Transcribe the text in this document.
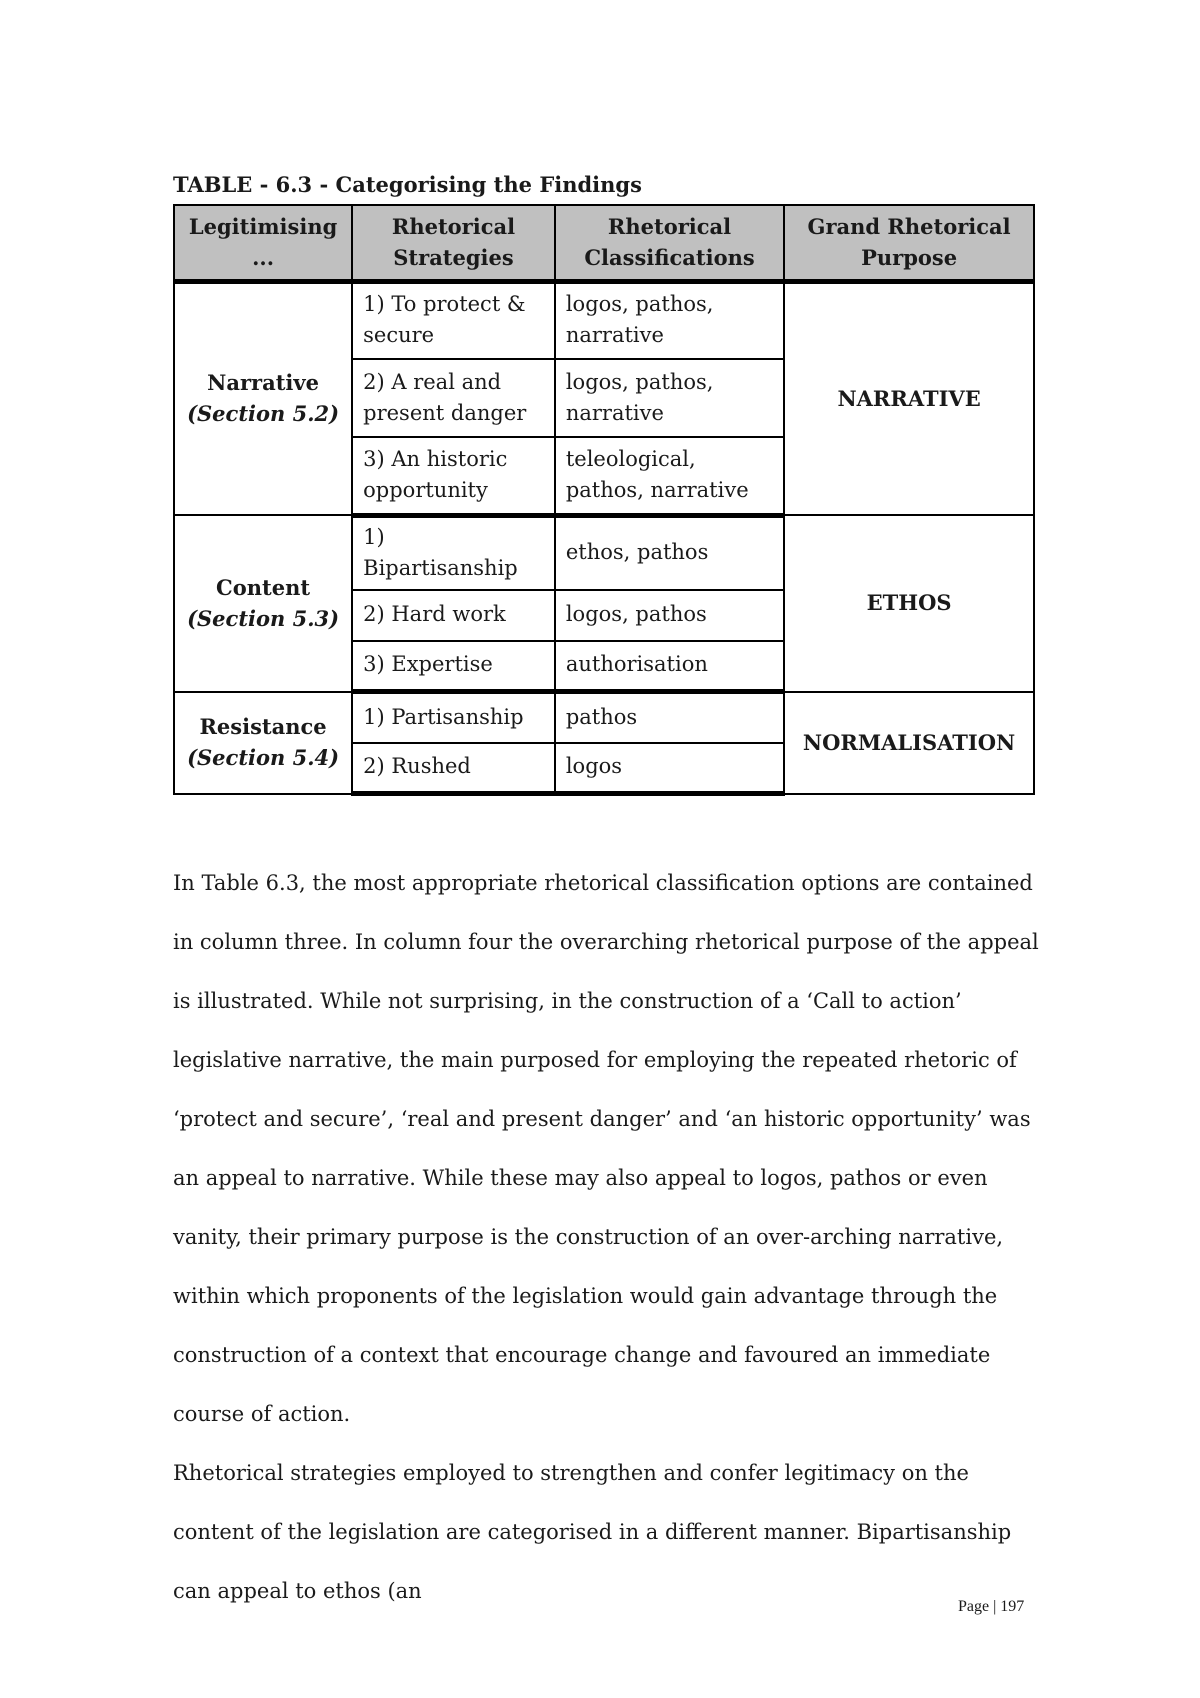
TABLE - 6.3 - Categorising the Findings
Legitimising ...	Rhetorical Strategies	Rhetorical Classifications	Grand Rhetorical Purpose
Narrative
(Section 5.2)	1) To protect & secure	logos, pathos, narrative	NARRATIVE
	2) A real and present danger	logos, pathos, narrative	
	3) An historic opportunity	teleological, pathos, narrative	
Content
(Section 5.3)	1) Bipartisanship	ethos, pathos	ETHOS
	2) Hard work	logos, pathos	
	3) Expertise	authorisation	
Resistance
(Section 5.4)	1) Partisanship	pathos	NORMALISATION
	2) Rushed	logos	

In Table 6.3, the most appropriate rhetorical classification options are contained in column three. In column four the overarching rhetorical purpose of the appeal is illustrated. While not surprising, in the construction of a ‘Call to action’ legislative narrative, the main purposed for employing the repeated rhetoric of ‘protect and secure’, ‘real and present danger’ and ‘an historic opportunity’ was an appeal to narrative. While these may also appeal to logos, pathos or even vanity, their primary purpose is the construction of an over-arching narrative, within which proponents of the legislation would gain advantage through the construction of a context that encourage change and favoured an immediate course of action.

Rhetorical strategies employed to strengthen and confer legitimacy on the content of the legislation are categorised in a different manner. Bipartisanship can appeal to ethos (an

Page | 197
